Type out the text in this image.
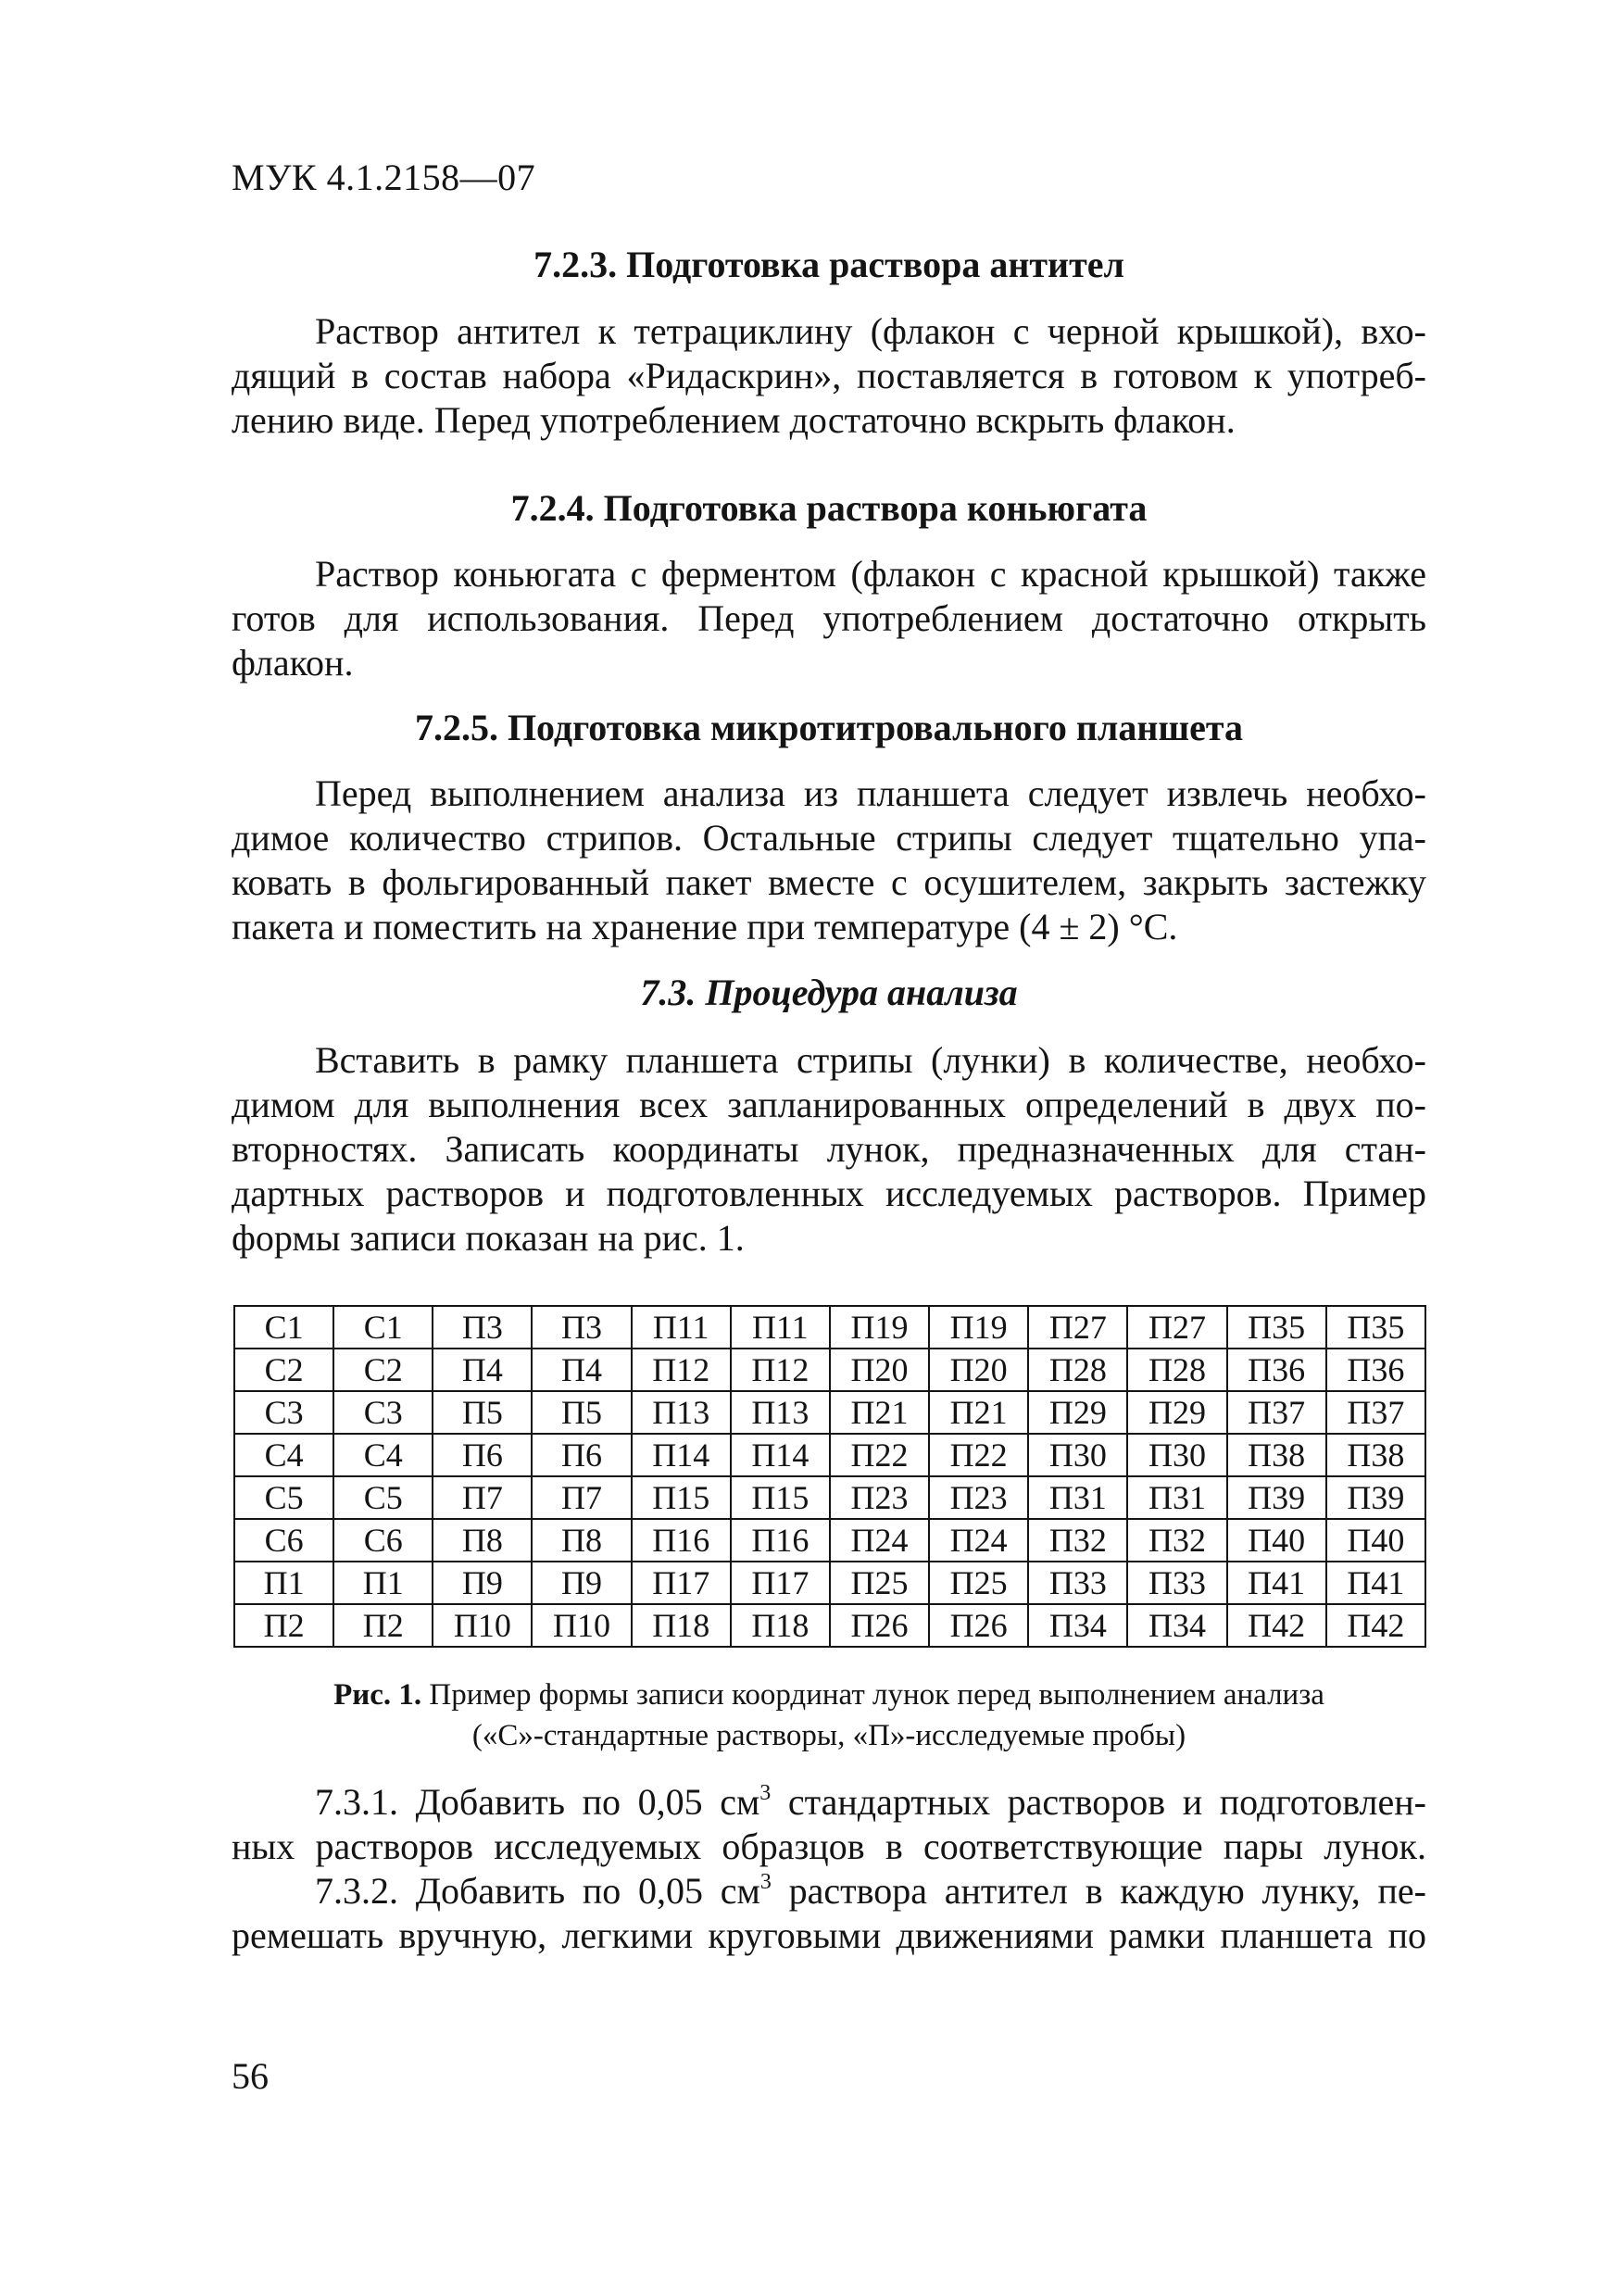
МУК 4.1.2158—07
7.2.3. Подготовка раствора антител
Раствор антител к тетрациклину (флакон с черной крышкой), вхо-
дящий в состав набора «Ридаскрин», поставляется в готовом к употреб-
лению виде. Перед употреблением достаточно вскрыть флакон.
7.2.4. Подготовка раствора коньюгата
Раствор коньюгата с ферментом (флакон с красной крышкой) также
готов для использования. Перед употреблением достаточно открыть
флакон.
7.2.5. Подготовка микротитровального планшета
Перед выполнением анализа из планшета следует извлечь необхо-
димое количество стрипов. Остальные стрипы следует тщательно упа-
ковать в фольгированный пакет вместе с осушителем, закрыть застежку
пакета и поместить на хранение при температуре (4 ± 2) °С.
7.3. Процедура анализа
Вставить в рамку планшета стрипы (лунки) в количестве, необхо-
димом для выполнения всех запланированных определений в двух по-
вторностях. Записать координаты лунок, предназначенных для стан-
дартных растворов и подготовленных исследуемых растворов. Пример
формы записи показан на рис. 1.
С1	С1	П3	П3	П11	П11	П19	П19	П27	П27	П35	П35
С2	С2	П4	П4	П12	П12	П20	П20	П28	П28	П36	П36
С3	С3	П5	П5	П13	П13	П21	П21	П29	П29	П37	П37
С4	С4	П6	П6	П14	П14	П22	П22	П30	П30	П38	П38
С5	С5	П7	П7	П15	П15	П23	П23	П31	П31	П39	П39
С6	С6	П8	П8	П16	П16	П24	П24	П32	П32	П40	П40
П1	П1	П9	П9	П17	П17	П25	П25	П33	П33	П41	П41
П2	П2	П10	П10	П18	П18	П26	П26	П34	П34	П42	П42
Рис. 1. Пример формы записи координат лунок перед выполнением анализа
(«С»-стандартные растворы, «П»-исследуемые пробы)
7.3.1. Добавить по 0,05 $см^3$ стандартных растворов и подготовлен-
ных растворов исследуемых образцов в соответствующие пары лунок.
7.3.2. Добавить по 0,05 $см^3$ раствора антител в каждую лунку, пе-
ремешать вручную, легкими круговыми движениями рамки планшета по
56
